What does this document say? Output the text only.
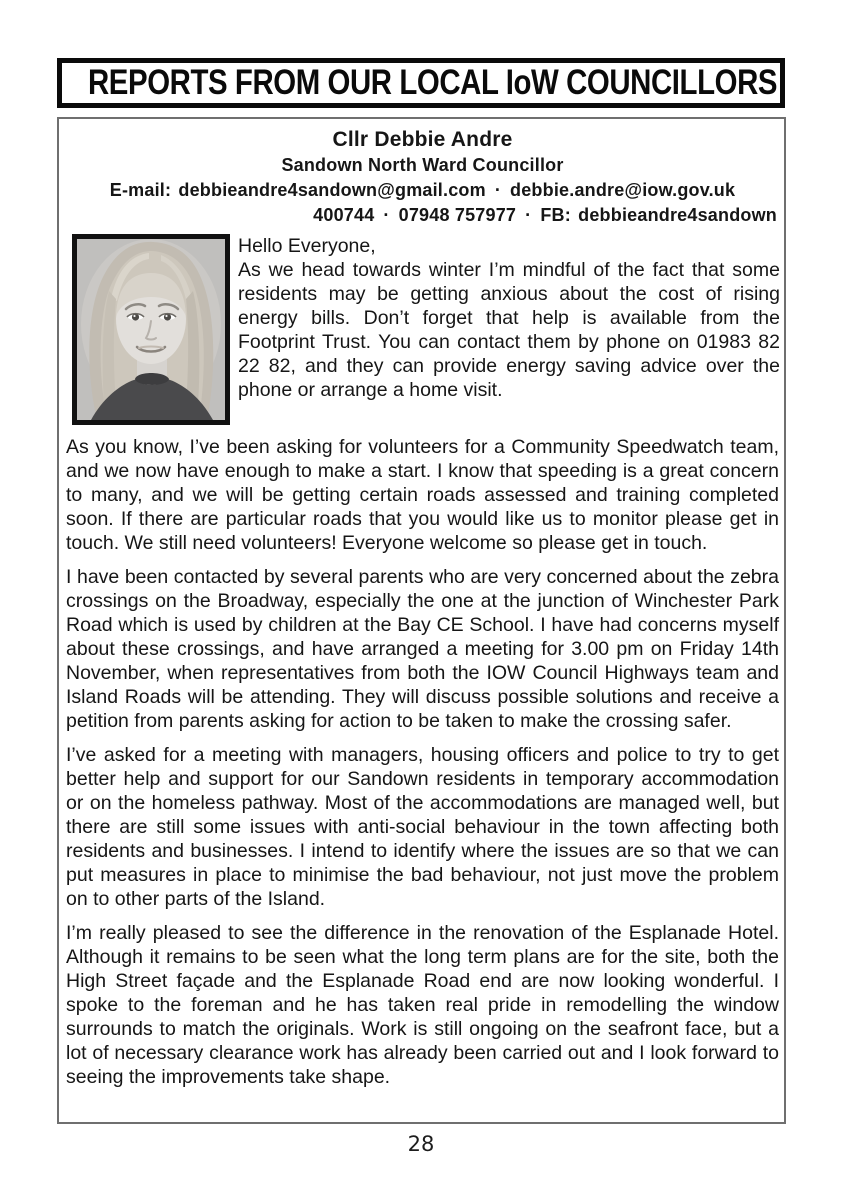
REPORTS FROM OUR LOCAL IoW COUNCILLORS
Cllr Debbie Andre
Sandown North Ward Councillor
E-mail: debbieandre4sandown@gmail.com · debbie.andre@iow.gov.uk
400744 · 07948 757977 · FB: debbieandre4sandown

Hello Everyone,

As we head towards winter I’m mindful of the fact that some residents may be getting anxious about the cost of rising energy bills. Don’t forget that help is available from the Footprint Trust. You can contact them by phone on 01983 82 22 82, and they can provide energy saving advice over the phone or arrange a home visit.

As you know, I’ve been asking for volunteers for a Community Speedwatch team, and we now have enough to make a start. I know that speeding is a great concern to many, and we will be getting certain roads assessed and training completed soon. If there are particular roads that you would like us to monitor please get in touch. We still need volunteers! Everyone welcome so please get in touch.

I have been contacted by several parents who are very concerned about the zebra crossings on the Broadway, especially the one at the junction of Winchester Park Road which is used by children at the Bay CE School. I have had concerns myself about these crossings, and have arranged a meeting for 3.00 pm on Friday 14th November, when representatives from both the IOW Council Highways team and Island Roads will be attending. They will discuss possible solutions and receive a petition from parents asking for action to be taken to make the crossing safer.

I’ve asked for a meeting with managers, housing officers and police to try to get better help and support for our Sandown residents in temporary accommodation or on the homeless pathway. Most of the accommodations are managed well, but there are still some issues with anti-social behaviour in the town affecting both residents and businesses. I intend to identify where the issues are so that we can put measures in place to minimise the bad behaviour, not just move the problem on to other parts of the Island.

I’m really pleased to see the difference in the renovation of the Esplanade Hotel. Although it remains to be seen what the long term plans are for the site, both the High Street façade and the Esplanade Road end are now looking wonderful. I spoke to the foreman and he has taken real pride in remodelling the window surrounds to match the originals. Work is still ongoing on the seafront face, but a lot of necessary clearance work has already been carried out and I look forward to seeing the improvements take shape.

28
